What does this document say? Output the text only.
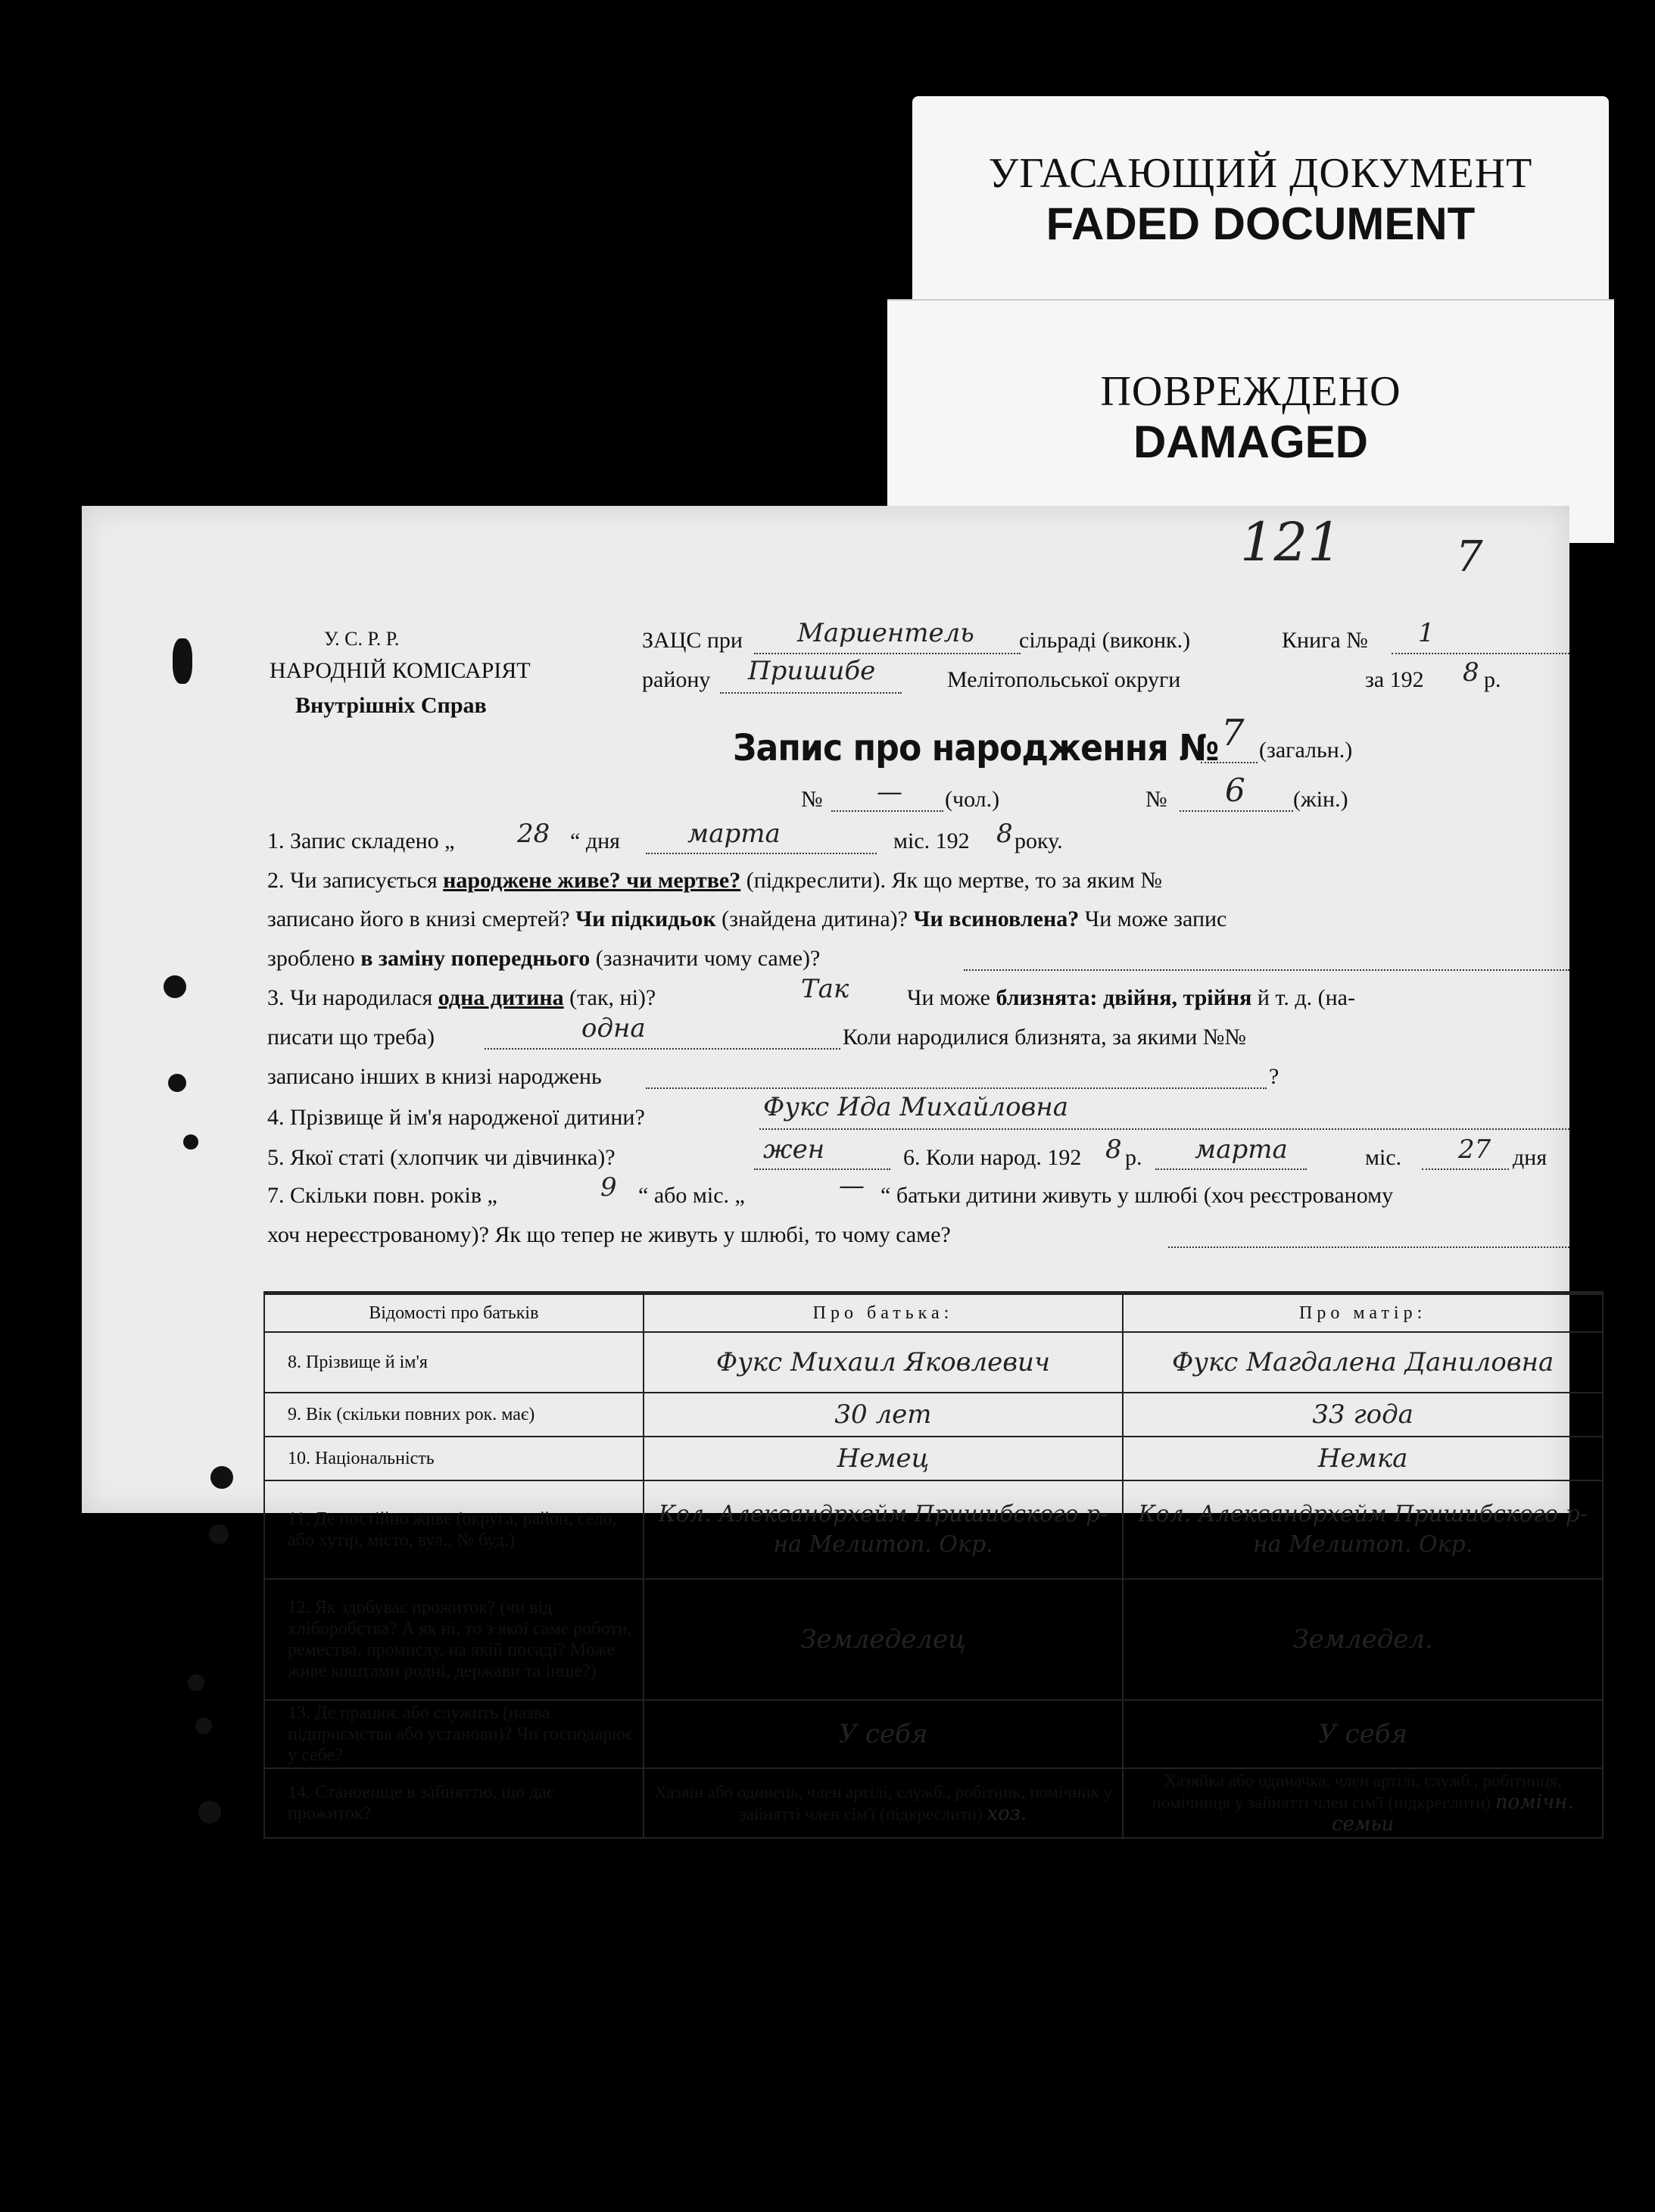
УГАСАЮЩИЙ ДОКУМЕНТ
FADED DOCUMENT
ПОВРЕЖДЕНО
DAMAGED
121	7
У. С. Р. Р.
НАРОДНІЙ КОМІСАРІЯТ
Внутрішніх Справ
ЗАЦС при Мариентель сільраді (виконк.)	Книга № 1
району Пришибе	Мелітопольської округи	за 192 8 р.
Запис про народження № 7 (загальн.)
№ — (чол.)	№ 6 (жін.)
1. Запис складено „ 28 “ дня	марта	міс. 192 8 року.
2. Чи записується народжене живе? чи мертве? (підкреслити). Як що мертве, то за яким №
записано його в книзі смертей? Чи підкидьок (знайдена дитина)? Чи всиновлена? Чи може запис
зроблено в заміну попереднього (зазначити чому саме)?
3. Чи народилася одна дитина (так, ні)?	Так	Чи може близнята: двійня, трійня й т. д. (на-
писати що треба)	одна	Коли народилися близнята, за якими №№
записано інших в книзі народжень	?
4. Прізвище й ім'я народженої дитини?	Фукс Ида Михайловна
5. Якої статі (хлопчик чи дівчинка)?	жен	6. Коли народ. 192 8 р. марта	міс. 27 дня
7. Скільки повн. років „	9 “ або міс. „	— “ батьки дитини живуть у шлюбі (хоч реєстрованому
хоч нереєстрованому)? Як що тепер не живуть у шлюбі, то чому саме?
Відомості про батьків	Про батька:	Про матір:
8. Прізвище й ім'я	Фукс Михаил Яковлевич	Фукс Магдалена Даниловна
9. Вік (скільки повних рок. має)	30 лет	33 года
10. Національність	Немец	Немка
11. Де постійно живе (округа, район, село, або хутір, місто, вул., № буд.)	Кол. Александрхейм Пришибского р-на Мелитоп. Окр.	Кол. Александрхейм Пришибского р-на Мелитоп. Окр.
12. Як здобуває прожиток? (чи від хліборобства? А як ні, то з якої саме роботи, ремества, промислу, на якій посаді? Може живе коштами родні, держави та інше?)	Земледелец	Земледел.
13. Де працює або служить (назва підприємства або установи)? Чи господарює у себе?	У себя	У себя
14. Становище в зайняттю, що дає прожиток?	Хазяїн або одинець, член артілі, служб., робітник, помічник у зайнятті член сім'ї (підкреслити) хоз.	Хазяйка або одиначка, член артілі, служб., робітниця, помічниця у зайнятті член сім'ї (підкреслити) помічн. семьи
